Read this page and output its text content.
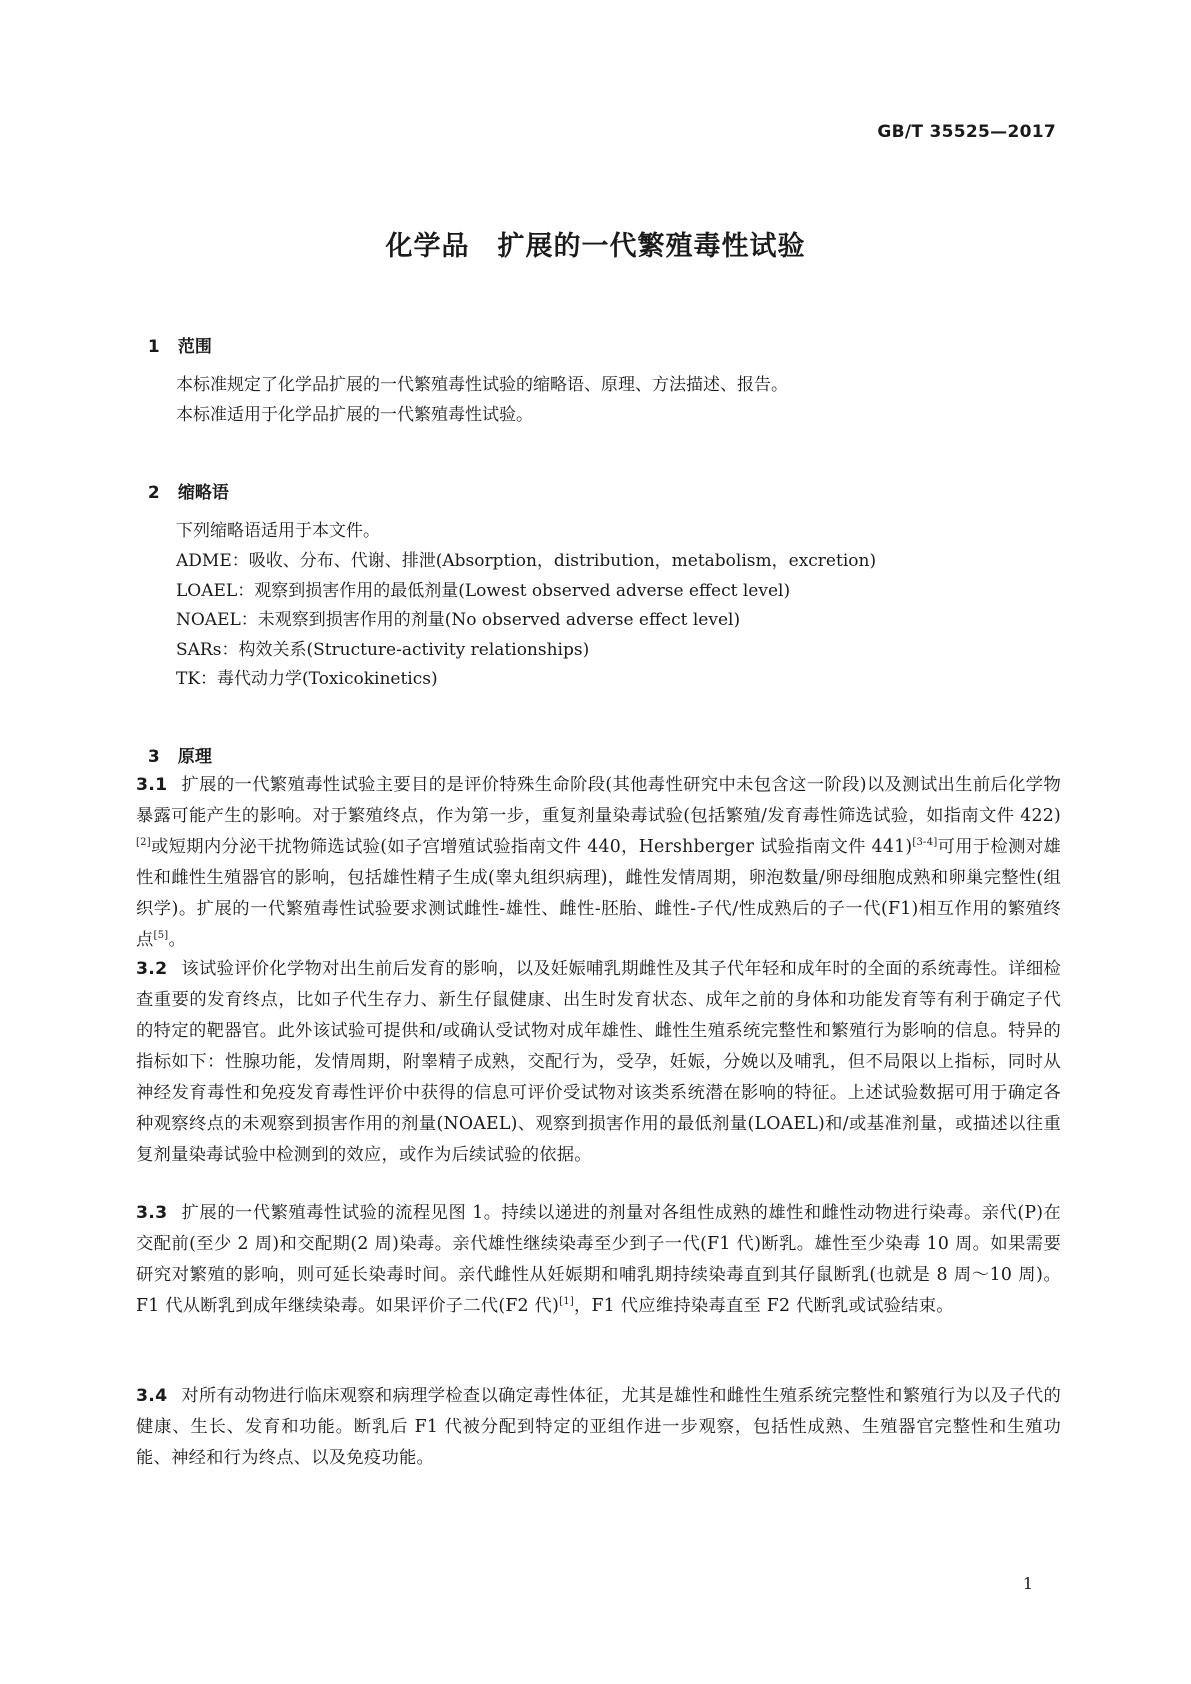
GB/T 35525—2017
化学品　扩展的一代繁殖毒性试验

1 范围

本标准规定了化学品扩展的一代繁殖毒性试验的缩略语、原理、方法描述、报告。
本标准适用于化学品扩展的一代繁殖毒性试验。

2 缩略语

下列缩略语适用于本文件。
ADME：吸收、分布、代谢、排泄(Absorption，distribution，metabolism，excretion)
LOAEL：观察到损害作用的最低剂量(Lowest observed adverse effect level)
NOAEL：未观察到损害作用的剂量(No observed adverse effect level)
SARs：构效关系(Structure-activity relationships)
TK：毒代动力学(Toxicokinetics)

3 原理

3.1 扩展的一代繁殖毒性试验主要目的是评价特殊生命阶段(其他毒性研究中未包含这一阶段)以及测试出生前后化学物暴露可能产生的影响。对于繁殖终点，作为第一步，重复剂量染毒试验(包括繁殖/发育毒性筛选试验，如指南文件 422)[2]或短期内分泌干扰物筛选试验(如子宫增殖试验指南文件 440，Hershberger 试验指南文件 441)[3-4]可用于检测对雄性和雌性生殖器官的影响，包括雄性精子生成(睾丸组织病理)，雌性发情周期，卵泡数量/卵母细胞成熟和卵巢完整性(组织学)。扩展的一代繁殖毒性试验要求测试雌性-雄性、雌性-胚胎、雌性-子代/性成熟后的子一代(F1)相互作用的繁殖终点[5]。
3.2 该试验评价化学物对出生前后发育的影响，以及妊娠哺乳期雌性及其子代年轻和成年时的全面的系统毒性。详细检查重要的发育终点，比如子代生存力、新生仔鼠健康、出生时发育状态、成年之前的身体和功能发育等有利于确定子代的特定的靶器官。此外该试验可提供和/或确认受试物对成年雄性、雌性生殖系统完整性和繁殖行为影响的信息。特异的指标如下：性腺功能，发情周期，附睾精子成熟，交配行为，受孕，妊娠，分娩以及哺乳，但不局限以上指标，同时从神经发育毒性和免疫发育毒性评价中获得的信息可评价受试物对该类系统潜在影响的特征。上述试验数据可用于确定各种观察终点的未观察到损害作用的剂量(NOAEL)、观察到损害作用的最低剂量(LOAEL)和/或基准剂量，或描述以往重复剂量染毒试验中检测到的效应，或作为后续试验的依据。
3.3 扩展的一代繁殖毒性试验的流程见图 1。持续以递进的剂量对各组性成熟的雄性和雌性动物进行染毒。亲代(P)在交配前(至少 2 周)和交配期(2 周)染毒。亲代雄性继续染毒至少到子一代(F1 代)断乳。雄性至少染毒 10 周。如果需要研究对繁殖的影响，则可延长染毒时间。亲代雌性从妊娠期和哺乳期持续染毒直到其仔鼠断乳(也就是 8 周～10 周)。F1 代从断乳到成年继续染毒。如果评价子二代(F2 代)[1]，F1 代应维持染毒直至 F2 代断乳或试验结束。
3.4 对所有动物进行临床观察和病理学检查以确定毒性体征，尤其是雄性和雌性生殖系统完整性和繁殖行为以及子代的健康、生长、发育和功能。断乳后 F1 代被分配到特定的亚组作进一步观察，包括性成熟、生殖器官完整性和生殖功能、神经和行为终点、以及免疫功能。
1
